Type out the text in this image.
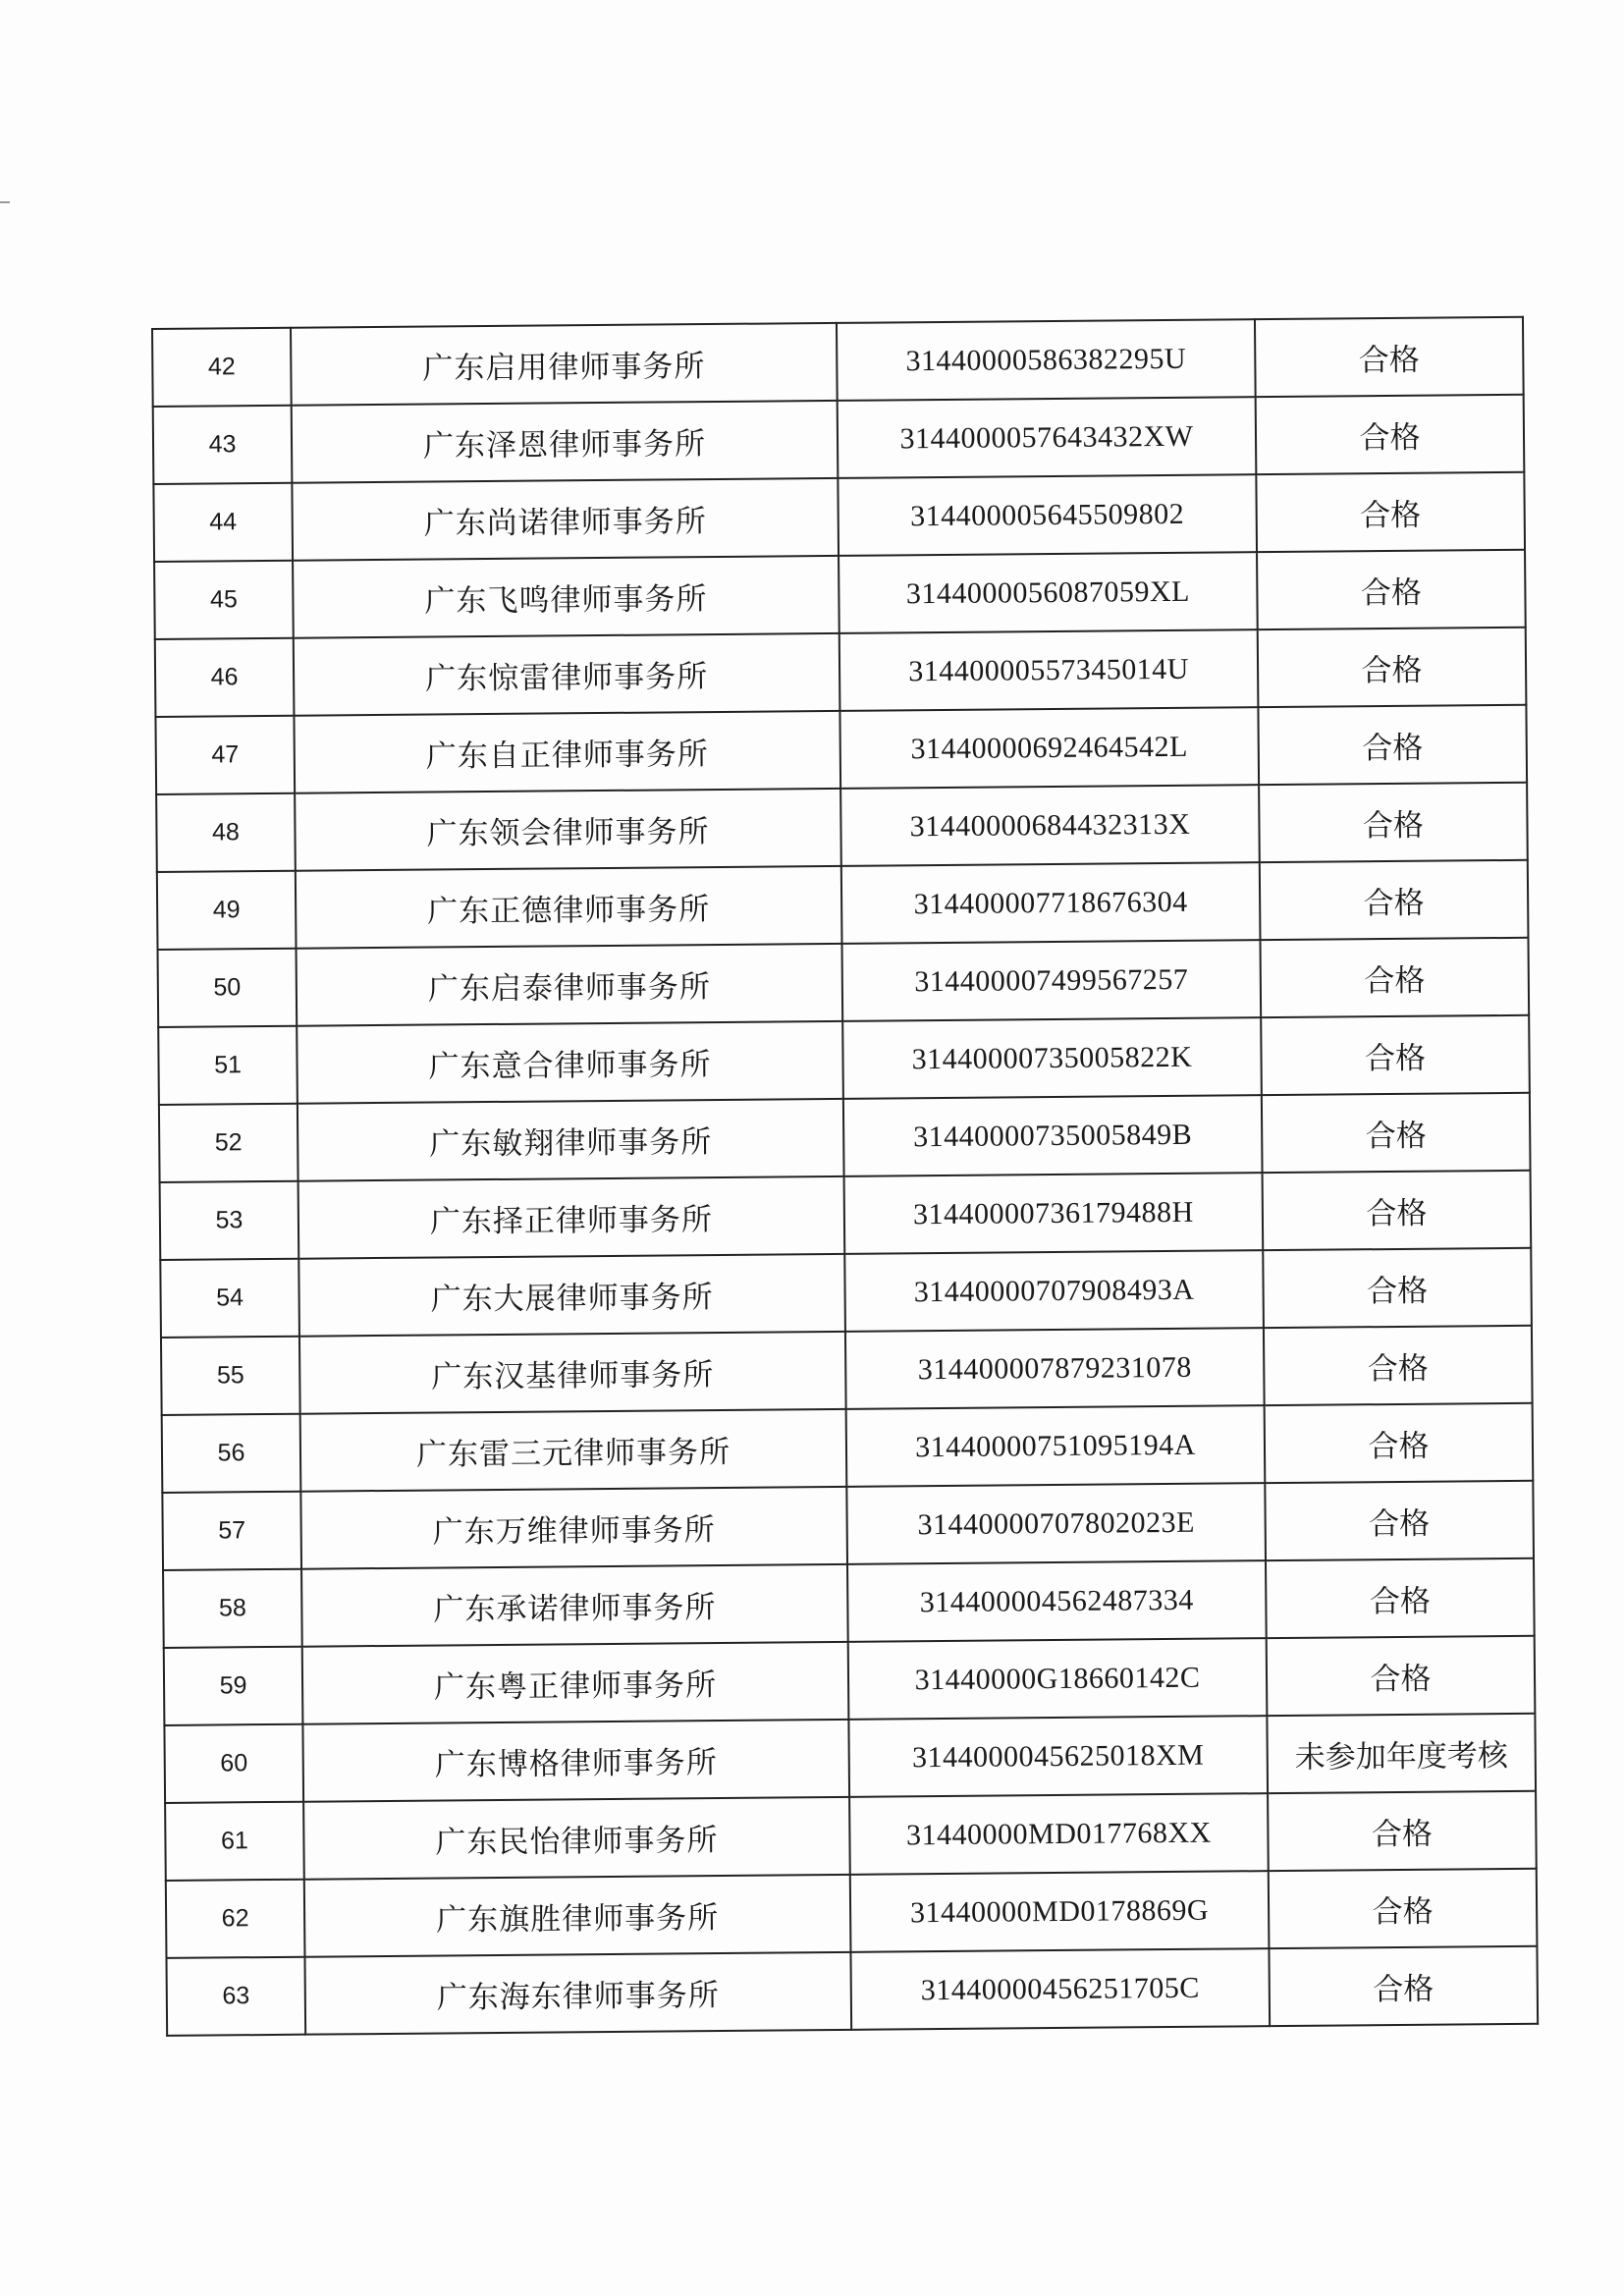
42	广东启用律师事务所	31440000586382295U	合格
43	广东泽恩律师事务所	3144000057643432XW	合格
44	广东尚诺律师事务所	314400005645509802	合格
45	广东飞鸣律师事务所	3144000056087059XL	合格
46	广东惊雷律师事务所	31440000557345014U	合格
47	广东自正律师事务所	31440000692464542L	合格
48	广东领会律师事务所	31440000684432313X	合格
49	广东正德律师事务所	314400007718676304	合格
50	广东启泰律师事务所	314400007499567257	合格
51	广东意合律师事务所	31440000735005822K	合格
52	广东敏翔律师事务所	31440000735005849B	合格
53	广东择正律师事务所	31440000736179488H	合格
54	广东大展律师事务所	31440000707908493A	合格
55	广东汉基律师事务所	314400007879231078	合格
56	广东雷三元律师事务所	31440000751095194A	合格
57	广东万维律师事务所	31440000707802023E	合格
58	广东承诺律师事务所	314400004562487334	合格
59	广东粤正律师事务所	31440000G18660142C	合格
60	广东博格律师事务所	3144000045625018XM	未参加年度考核
61	广东民怡律师事务所	31440000MD017768XX	合格
62	广东旗胜律师事务所	31440000MD0178869G	合格
63	广东海东律师事务所	31440000456251705C	合格
